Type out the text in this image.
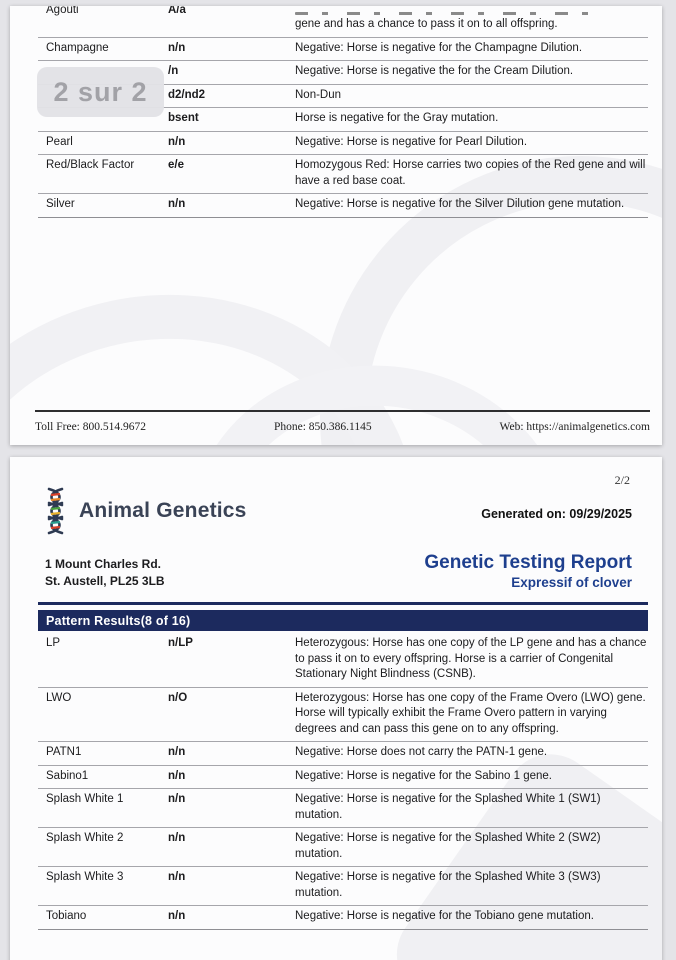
Agouti	A/a
gene and has a chance to pass it on to all offspring.
Champagne	n/n	Negative: Horse is negative for the Champagne Dilution.
/n	Negative: Horse is negative the for the Cream Dilution.
d2/nd2	Non-Dun
bsent	Horse is negative for the Gray mutation.
Pearl	n/n	Negative: Horse is negative for Pearl Dilution.
Red/Black Factor	e/e	Homozygous Red: Horse carries two copies of the Red gene and will have a red base coat.
Silver	n/n	Negative: Horse is negative for the Silver Dilution gene mutation.
2 sur 2
Toll Free: 800.514.9672	Phone: 850.386.1145	Web: https://animalgenetics.com
2/2
Animal Genetics	Generated on: 09/29/2025
1 Mount Charles Rd.
St. Austell, PL25 3LB
Genetic Testing Report
Expressif of clover
Pattern Results(8 of 16)
LP	n/LP	Heterozygous: Horse has one copy of the LP gene and has a chance to pass it on to every offspring. Horse is a carrier of Congenital Stationary Night Blindness (CSNB).
LWO	n/O	Heterozygous: Horse has one copy of the Frame Overo (LWO) gene. Horse will typically exhibit the Frame Overo pattern in varying degrees and can pass this gene on to any offspring.
PATN1	n/n	Negative: Horse does not carry the PATN-1 gene.
Sabino1	n/n	Negative: Horse is negative for the Sabino 1 gene.
Splash White 1	n/n	Negative: Horse is negative for the Splashed White 1 (SW1) mutation.
Splash White 2	n/n	Negative: Horse is negative for the Splashed White 2 (SW2) mutation.
Splash White 3	n/n	Negative: Horse is negative for the Splashed White 3 (SW3) mutation.
Tobiano	n/n	Negative: Horse is negative for the Tobiano gene mutation.
